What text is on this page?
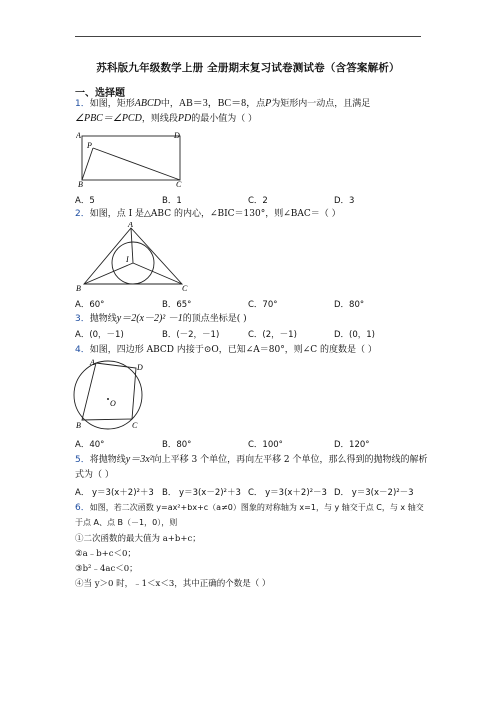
苏科版九年级数学上册 全册期末复习试卷测试卷（含答案解析）
一、选择题
1．如图，矩形ABCD中，AB＝3，BC＝8，点P为矩形内一动点，且满足
∠PBC＝∠PCD，则线段PD的最小值为（ ）
A	D
P
B	C
A．5	B．1	C．2	D．3
2．如图，点 I 是△ABC 的内心，∠BIC＝130°，则∠BAC＝（ ）
A
I
B	C
A．60°	B．65°	C．70°	D．80°
3．抛物线y＝2(x－2)² －1的顶点坐标是( )
A．(0，－1)	B．(－2，－1)	C．(2，－1)	D．(0，1)
4．如图，四边形 ABCD 内接于⊙O，已知∠A＝80°，则∠C 的度数是（ ）
A
D
O
B	C
A．40°	B．80°	C．100°	D．120°
5．将抛物线y＝3x²向上平移 3 个单位，再向左平移 2 个单位，那么得到的抛物线的解析
式为（ ）
A． y＝3(x＋2)²＋3 B． y＝3(x－2)²＋3 C． y＝3(x＋2)²－3 D． y＝3(x－2)²－3
6．如图，若二次函数 y=ax²+bx+c（a≠0）图象的对称轴为 x=1，与 y 轴交于点 C，与 x 轴交
于点 A、点 B（－1，0），则
①二次函数的最大值为 a+b+c；
②a﹣b+c＜0；
③b²﹣4ac＜0；
④当 y＞0 时，﹣1＜x＜3，其中正确的个数是（ ）
